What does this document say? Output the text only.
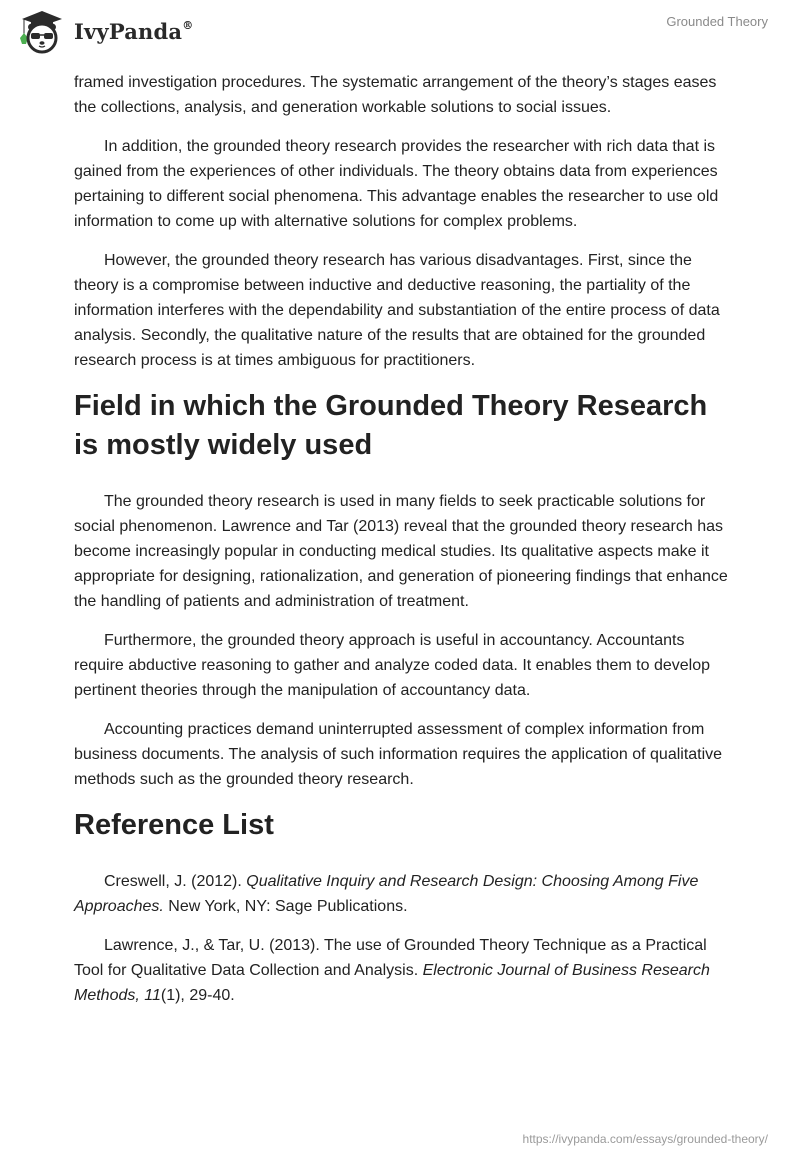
IvyPanda®	Grounded Theory

framed investigation procedures. The systematic arrangement of the theory’s stages eases the collections, analysis, and generation workable solutions to social issues.

In addition, the grounded theory research provides the researcher with rich data that is gained from the experiences of other individuals. The theory obtains data from experiences pertaining to different social phenomena. This advantage enables the researcher to use old information to come up with alternative solutions for complex problems.

However, the grounded theory research has various disadvantages. First, since the theory is a compromise between inductive and deductive reasoning, the partiality of the information interferes with the dependability and substantiation of the entire process of data analysis. Secondly, the qualitative nature of the results that are obtained for the grounded research process is at times ambiguous for practitioners.

Field in which the Grounded Theory Research is mostly widely used

The grounded theory research is used in many fields to seek practicable solutions for social phenomenon. Lawrence and Tar (2013) reveal that the grounded theory research has become increasingly popular in conducting medical studies. Its qualitative aspects make it appropriate for designing, rationalization, and generation of pioneering findings that enhance the handling of patients and administration of treatment.

Furthermore, the grounded theory approach is useful in accountancy. Accountants require abductive reasoning to gather and analyze coded data. It enables them to develop pertinent theories through the manipulation of accountancy data.

Accounting practices demand uninterrupted assessment of complex information from business documents. The analysis of such information requires the application of qualitative methods such as the grounded theory research.

Reference List

Creswell, J. (2012). Qualitative Inquiry and Research Design: Choosing Among Five Approaches. New York, NY: Sage Publications.

Lawrence, J., & Tar, U. (2013). The use of Grounded Theory Technique as a Practical Tool for Qualitative Data Collection and Analysis. Electronic Journal of Business Research Methods, 11(1), 29-40.

https://ivypanda.com/essays/grounded-theory/
